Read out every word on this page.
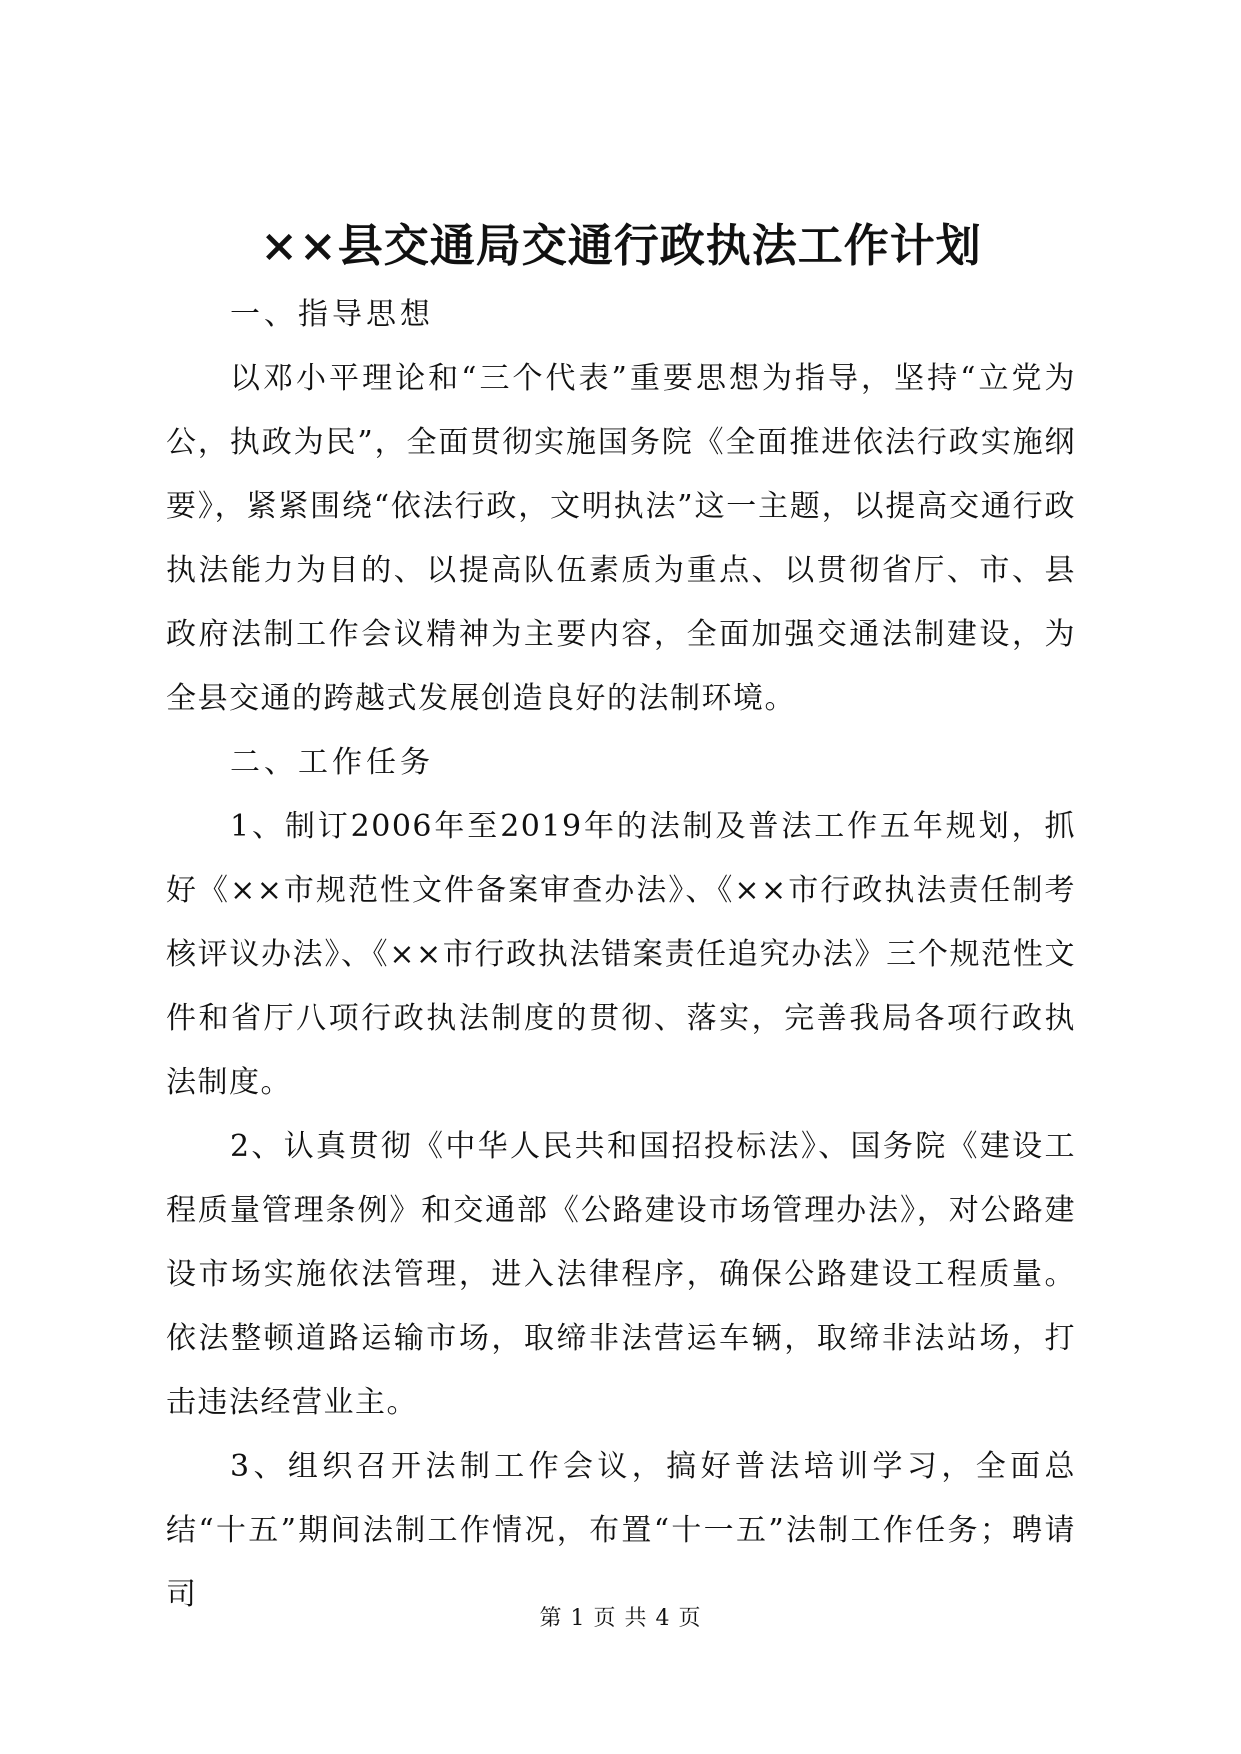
××县交通局交通行政执法工作计划

一、指导思想

以邓小平理论和“三个代表”重要思想为指导，坚持“立党为公，执政为民”，全面贯彻实施国务院《全面推进依法行政实施纲要》，紧紧围绕“依法行政，文明执法”这一主题，以提高交通行政执法能力为目的、以提高队伍素质为重点、以贯彻省厅、市、县政府法制工作会议精神为主要内容，全面加强交通法制建设，为全县交通的跨越式发展创造良好的法制环境。

二、工作任务

1、制订2006年至2019年的法制及普法工作五年规划，抓好《××市规范性文件备案审查办法》、《××市行政执法责任制考核评议办法》、《××市行政执法错案责任追究办法》三个规范性文件和省厅八项行政执法制度的贯彻、落实，完善我局各项行政执法制度。

2、认真贯彻《中华人民共和国招投标法》、国务院《建设工程质量管理条例》和交通部《公路建设市场管理办法》，对公路建设市场实施依法管理，进入法律程序，确保公路建设工程质量。依法整顿道路运输市场，取缔非法营运车辆，取缔非法站场，打击违法经营业主。

3、组织召开法制工作会议，搞好普法培训学习，全面总结“十五”期间法制工作情况，布置“十一五”法制工作任务；聘请司

第 1 页 共 4 页
